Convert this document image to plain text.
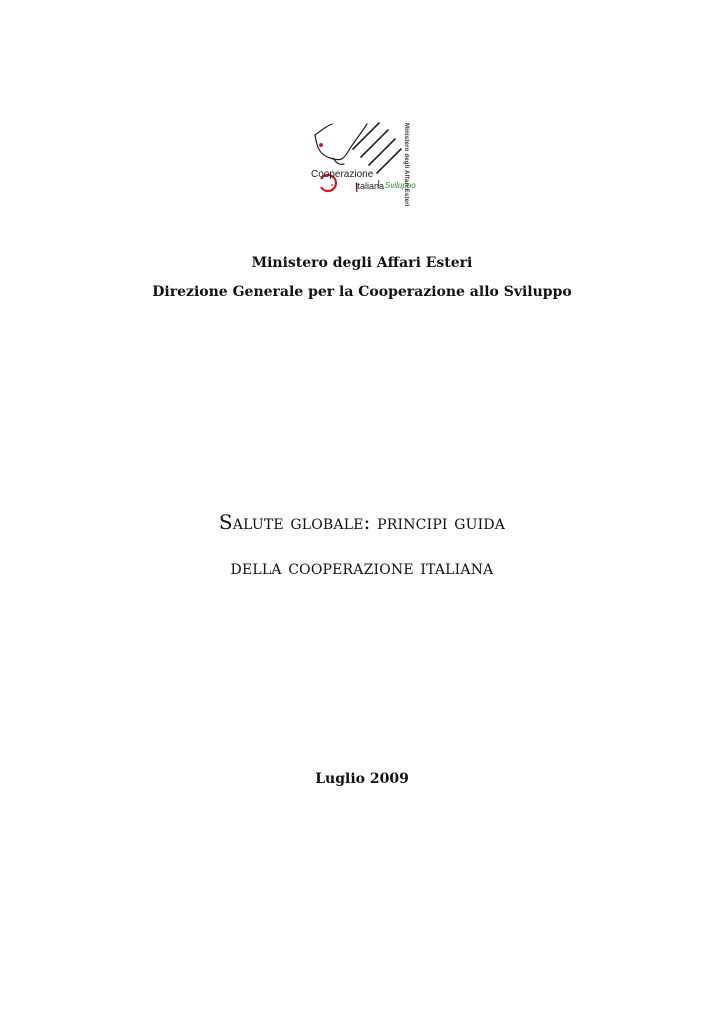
Cooperazione
Italiana Sviluppo
Ministero degli Affari Esteri
Ministero degli Affari Esteri
Direzione Generale per la Cooperazione allo Sviluppo
Salute globale: principi guida
della cooperazione italiana
Luglio 2009
